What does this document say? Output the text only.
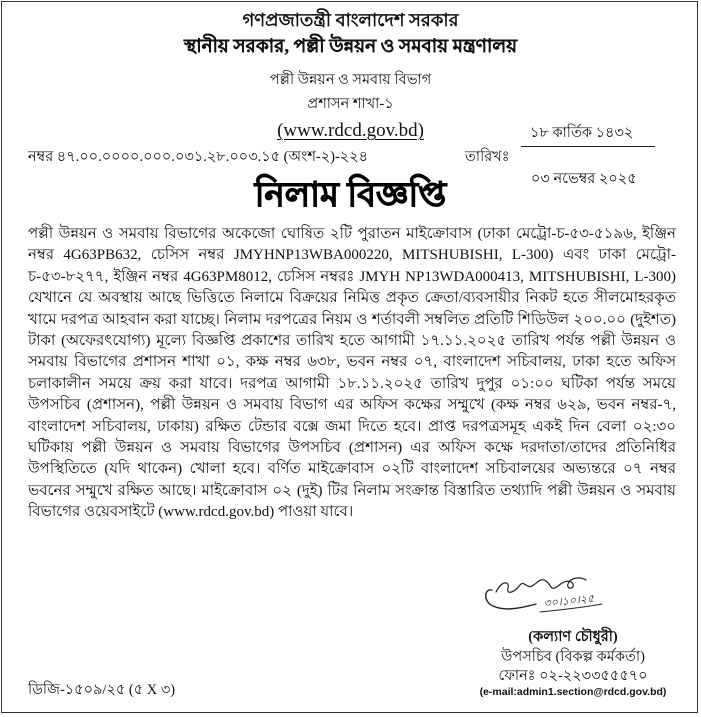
গণপ্রজাতন্ত্রী বাংলাদেশ সরকার
স্থানীয় সরকার, পল্লী উন্নয়ন ও সমবায় মন্ত্রণালয়
পল্লী উন্নয়ন ও সমবায় বিভাগ
প্রশাসন শাখা-১
(www.rdcd.gov.bd)	১৮ কার্তিক ১৪৩২
তারিখঃ
০৩ নভেম্বর ২০২৫
নম্বর ৪৭.০০.০০০০.০০০.০৩১.২৮.০০৩.১৫ (অংশ-২)-২২৪
নিলাম বিজ্ঞপ্তি

পল্লী উন্নয়ন ও সমবায় বিভাগের অকেজো ঘোষিত ২টি পুরাতন মাইক্রোবাস (ঢাকা মেট্রো-চ-৫৩-৫১৯৬, ইঞ্জিন নম্বর 4G63PB632, চেসিস নম্বর JMYHNP13WBA000220, MITSHUBISHI, L-300) এবং ঢাকা মেট্রো-চ-৫৩-৮২৭৭, ইঞ্জিন নম্বর 4G63PM8012, চেসিস নম্বরঃ JMYH NP13WDA000413, MITSHUBISHI, L-300) যেখানে যে অবস্থায় আছে ভিত্তিতে নিলামে বিক্রয়ের নিমিত্ত প্রকৃত ক্রেতা/ব্যবসায়ীর নিকট হতে সীলমোহরকৃত খামে দরপত্র আহবান করা যাচ্ছে। নিলাম দরপত্রের নিয়ম ও শর্তাবলী সম্বলিত প্রতিটি শিডিউল ২০০.০০ (দুইশত) টাকা (অফেরৎযোগ্য) মূল্যে বিজ্ঞপ্তি প্রকাশের তারিখ হতে আগামী ১৭.১১.২০২৫ তারিখ পর্যন্ত পল্লী উন্নয়ন ও সমবায় বিভাগের প্রশাসন শাখা ০১, কক্ষ নম্বর ৬৩৮, ভবন নম্বর ০৭, বাংলাদেশ সচিবালয়, ঢাকা হতে অফিস চলাকালীন সময়ে ক্রয় করা যাবে। দরপত্র আগামী ১৮.১১.২০২৫ তারিখ দুপুর ০১:০০ ঘটিকা পর্যন্ত সময়ে উপসচিব (প্রশাসন), পল্লী উন্নয়ন ও সমবায় বিভাগ এর অফিস কক্ষের সম্মুখে (কক্ষ নম্বর ৬২৯, ভবন নম্বর-৭, বাংলাদেশ সচিবালয়, ঢাকায়) রক্ষিত টেন্ডার বক্সে জমা দিতে হবে। প্রাপ্ত দরপত্রসমূহ একই দিন বেলা ০২:৩০ ঘটিকায় পল্লী উন্নয়ন ও সমবায় বিভাগের উপসচিব (প্রশাসন) এর অফিস কক্ষে দরদাতা/তাদের প্রতিনিধির উপস্থিতিতে (যদি থাকেন) খোলা হবে। বর্ণিত মাইক্রোবাস ০২টি বাংলাদেশ সচিবালয়ের অভ্যন্তরে ০৭ নম্বর ভবনের সম্মুখে রক্ষিত আছে। মাইক্রোবাস ০২ (দুই) টির নিলাম সংক্রান্ত বিস্তারিত তথ্যাদি পল্লী উন্নয়ন ও সমবায় বিভাগের ওয়েবসাইটে (www.rdcd.gov.bd) পাওয়া যাবে।

৩০।১০।২৫
(কল্যাণ চৌধুরী)
উপসচিব (বিকল্প কর্মকর্তা)
ফোনঃ ০২-২২৩৩৫৫৫৭০
(e-mail:admin1.section@rdcd.gov.bd)
ডিজি-১৫০৯/২৫ (৫ X ৩)
